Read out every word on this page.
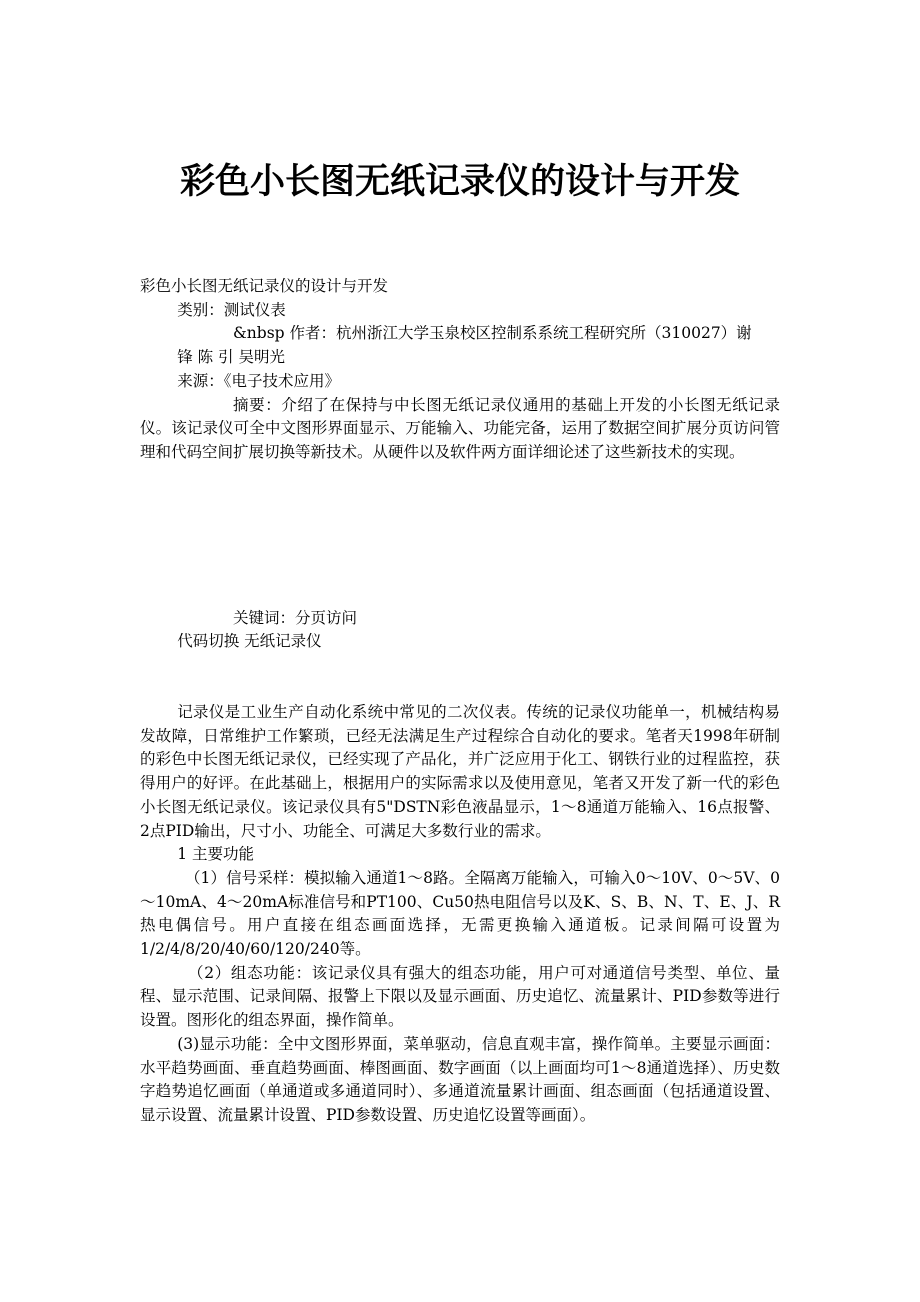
彩色小长图无纸记录仪的设计与开发

彩色小长图无纸记录仪的设计与开发

类别：测试仪表

&nbsp 作者：杭州浙江大学玉泉校区控制系系统工程研究所（310027）谢

锋 陈 引 吴明光

来源：《电子技术应用》

摘要：介绍了在保持与中长图无纸记录仪通用的基础上开发的小长图无纸记录仪。该记录仪可全中文图形界面显示、万能输入、功能完备，运用了数据空间扩展分页访问管理和代码空间扩展切换等新技术。从硬件以及软件两方面详细论述了这些新技术的实现。

关键词：分页访问

代码切换 无纸记录仪

记录仪是工业生产自动化系统中常见的二次仪表。传统的记录仪功能单一，机械结构易发故障，日常维护工作繁琐，已经无法满足生产过程综合自动化的要求。笔者天1998年研制的彩色中长图无纸记录仪，已经实现了产品化，并广泛应用于化工、钢铁行业的过程监控，获得用户的好评。在此基础上，根据用户的实际需求以及使用意见，笔者又开发了新一代的彩色小长图无纸记录仪。该记录仪具有5"DSTN彩色液晶显示，1～8通道万能输入、16点报警、2点PID输出，尺寸小、功能全、可满足大多数行业的需求。

1 主要功能

（1）信号采样：模拟输入通道1～8路。全隔离万能输入，可输入0～10V、0～5V、0～10mA、4～20mA标准信号和PT100、Cu50热电阻信号以及K、S、B、N、T、E、J、R热电偶信号。用户直接在组态画面选择，无需更换输入通道板。记录间隔可设置为1/2/4/8/20/40/60/120/240等。

（2）组态功能：该记录仪具有强大的组态功能，用户可对通道信号类型、单位、量程、显示范围、记录间隔、报警上下限以及显示画面、历史追忆、流量累计、PID参数等进行设置。图形化的组态界面，操作简单。

(3)显示功能：全中文图形界面，菜单驱动，信息直观丰富，操作简单。主要显示画面：水平趋势画面、垂直趋势画面、棒图画面、数字画面（以上画面均可1～8通道选择）、历史数字趋势追忆画面（单通道或多通道同时）、多通道流量累计画面、组态画面（包括通道设置、显示设置、流量累计设置、PID参数设置、历史追忆设置等画面）。
